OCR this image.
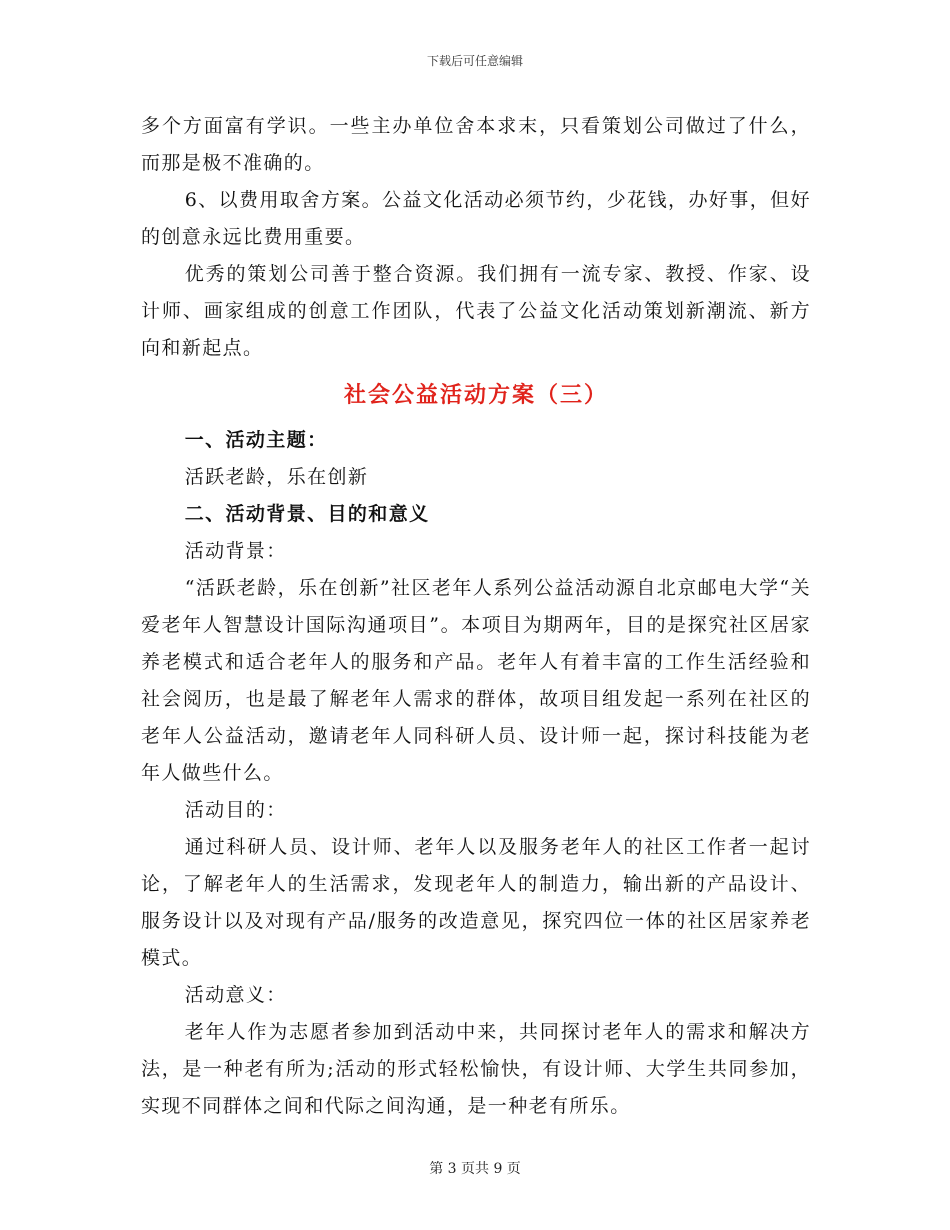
下载后可任意编辑

多个方面富有学识。一些主办单位舍本求末，只看策划公司做过了什么，而那是极不准确的。

6、以费用取舍方案。公益文化活动必须节约，少花钱，办好事，但好的创意永远比费用重要。

优秀的策划公司善于整合资源。我们拥有一流专家、教授、作家、设计师、画家组成的创意工作团队，代表了公益文化活动策划新潮流、新方向和新起点。

社会公益活动方案（三）

一、活动主题：

活跃老龄，乐在创新

二、活动背景、目的和意义

活动背景：

“活跃老龄，乐在创新”社区老年人系列公益活动源自北京邮电大学“关爱老年人智慧设计国际沟通项目”。本项目为期两年，目的是探究社区居家养老模式和适合老年人的服务和产品。老年人有着丰富的工作生活经验和社会阅历，也是最了解老年人需求的群体，故项目组发起一系列在社区的老年人公益活动，邀请老年人同科研人员、设计师一起，探讨科技能为老年人做些什么。

活动目的：

通过科研人员、设计师、老年人以及服务老年人的社区工作者一起讨论，了解老年人的生活需求，发现老年人的制造力，输出新的产品设计、服务设计以及对现有产品/服务的改造意见，探究四位一体的社区居家养老模式。

活动意义：

老年人作为志愿者参加到活动中来，共同探讨老年人的需求和解决方法，是一种老有所为;活动的形式轻松愉快，有设计师、大学生共同参加，实现不同群体之间和代际之间沟通，是一种老有所乐。

第 3 页共 9 页
